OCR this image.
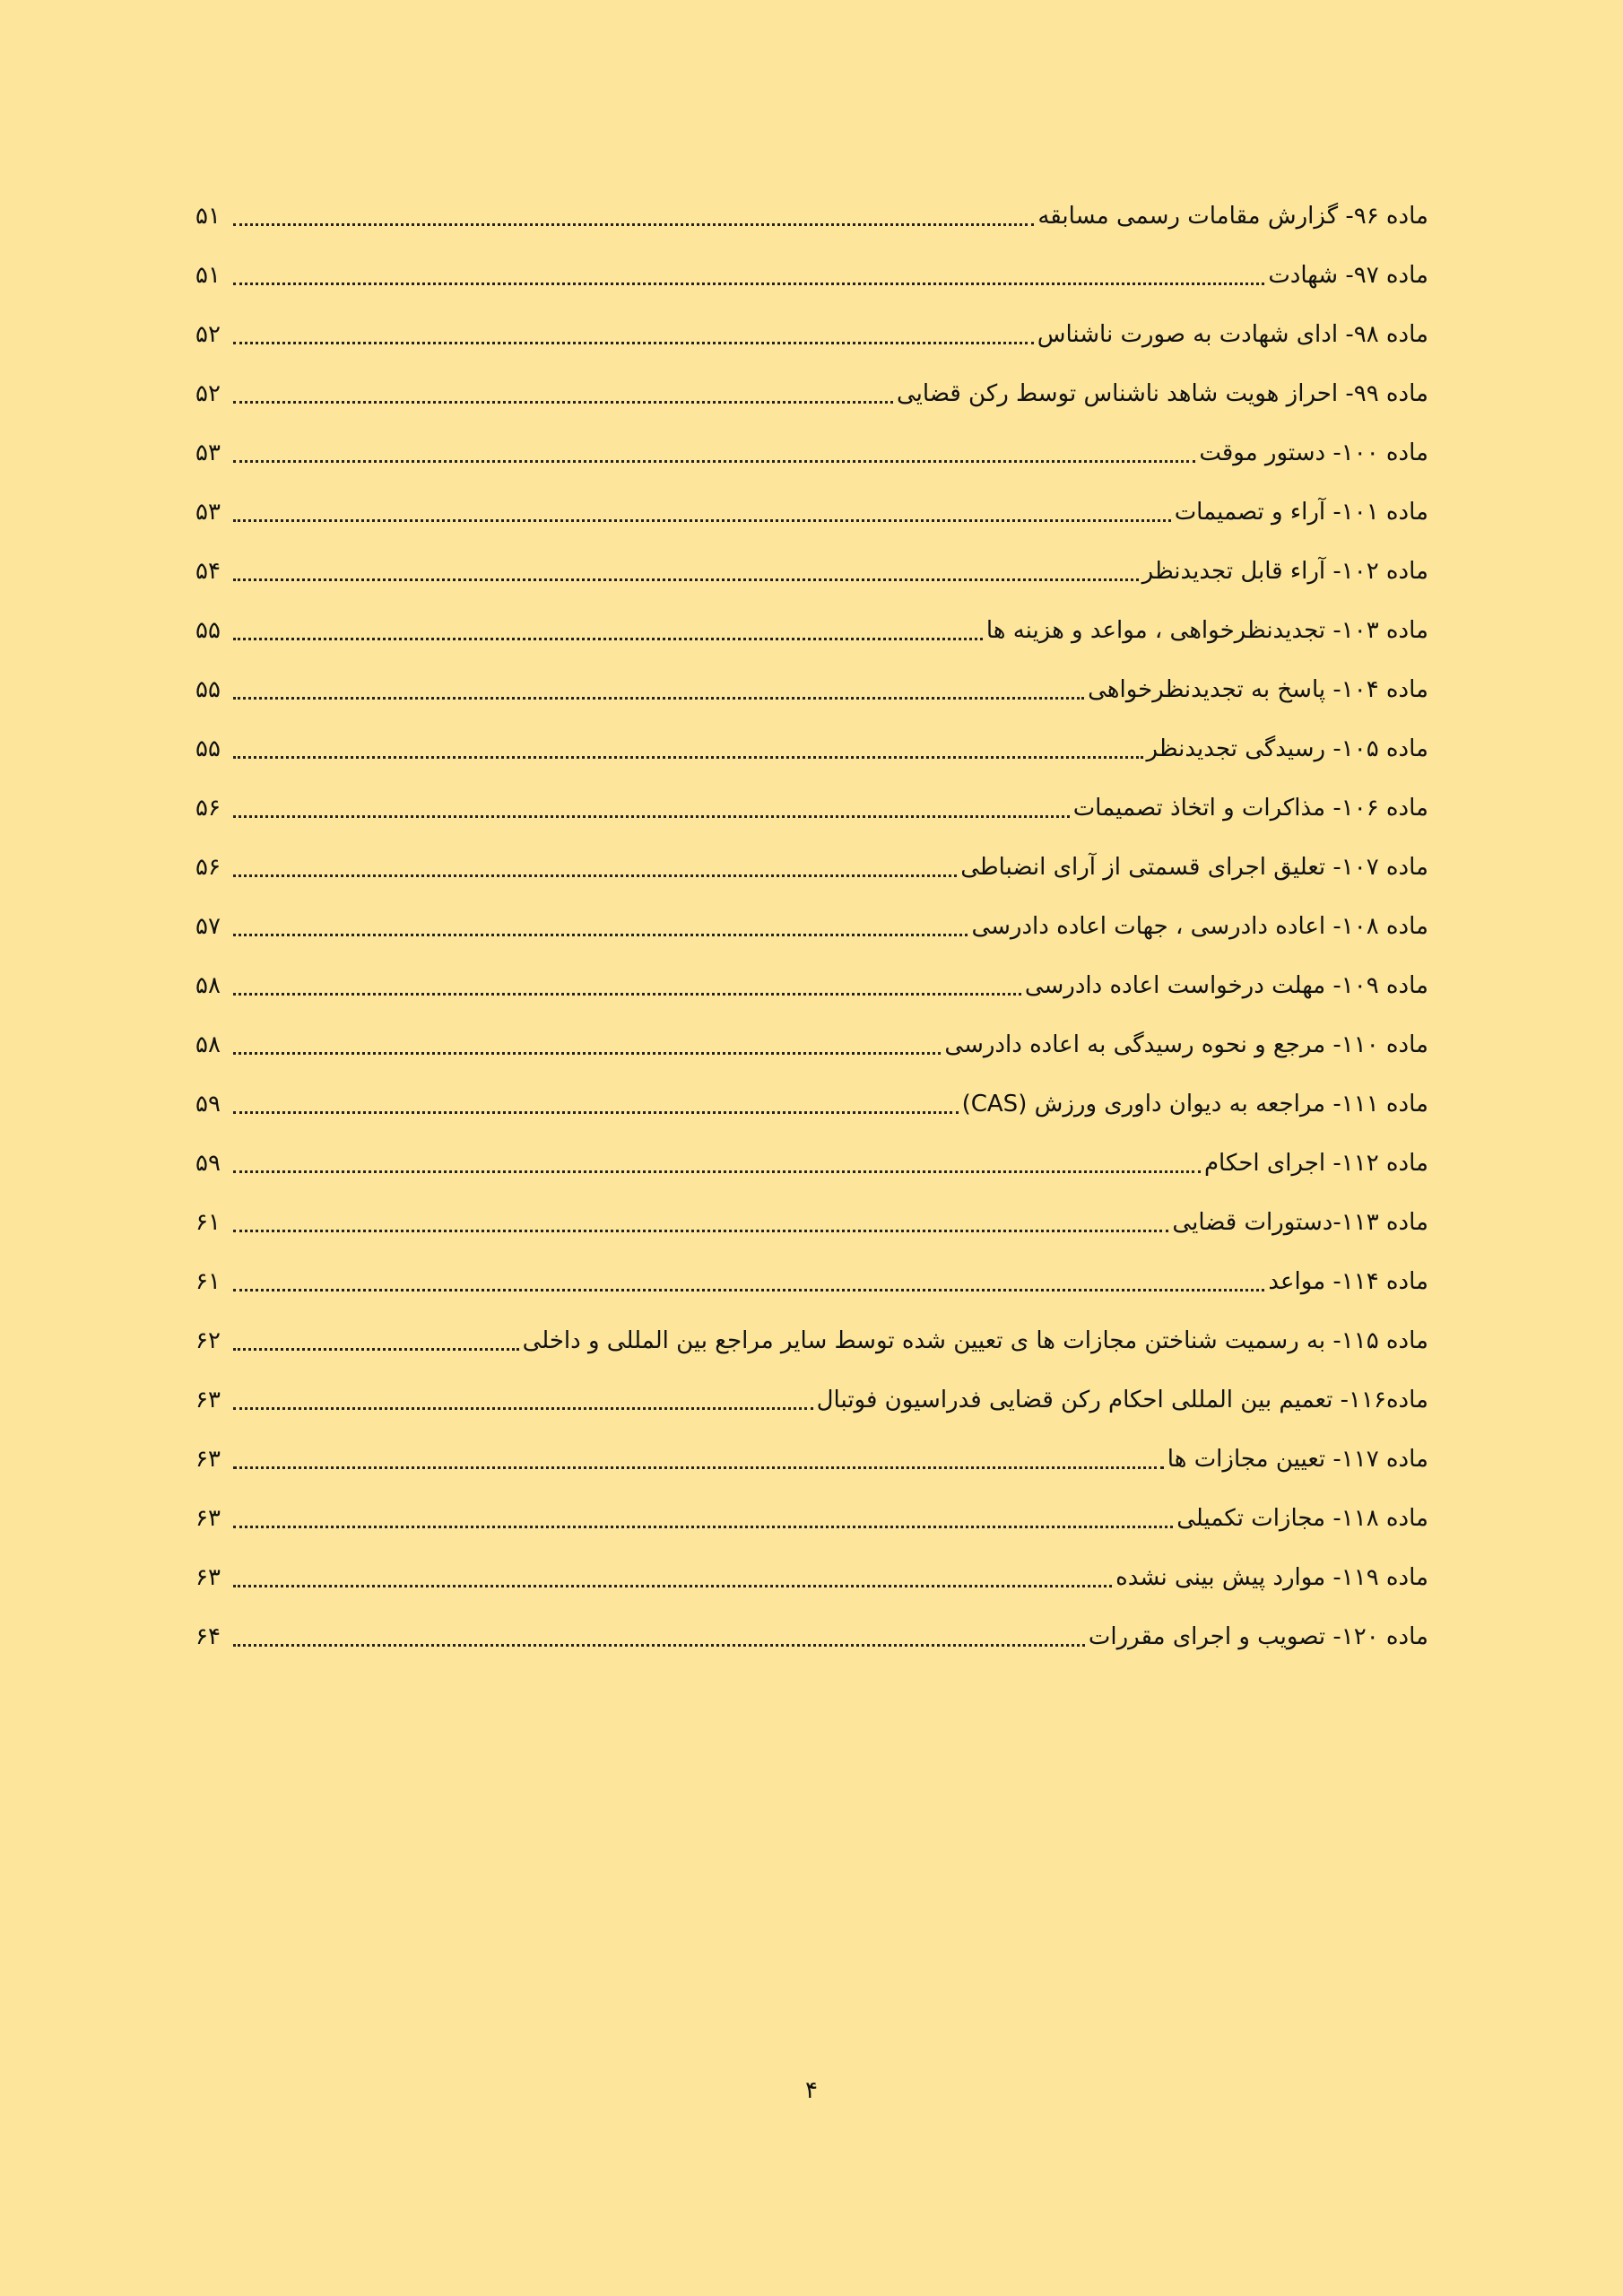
ماده ۹۶- گزارش مقامات رسمی مسابقه
۵۱
ماده ۹۷- شهادت
۵۱
ماده ۹۸- ادای شهادت به صورت ناشناس
۵۲
ماده ۹۹- احراز هویت شاهد ناشناس توسط رکن قضایی
۵۲
ماده ۱۰۰- دستور موقت
۵۳
ماده ۱۰۱- آراء و تصمیمات
۵۳
ماده ۱۰۲- آراء قابل تجدیدنظر
۵۴
ماده ۱۰۳- تجدیدنظرخواهی ، مواعد و هزینه ها
۵۵
ماده ۱۰۴- پاسخ به تجدیدنظرخواهی
۵۵
ماده ۱۰۵- رسیدگی تجدیدنظر
۵۵
ماده ۱۰۶- مذاکرات و اتخاذ تصمیمات
۵۶
ماده ۱۰۷- تعلیق اجرای قسمتی از آرای انضباطی
۵۶
ماده ۱۰۸- اعاده دادرسی ، جهات اعاده دادرسی
۵۷
ماده ۱۰۹- مهلت درخواست اعاده دادرسی
۵۸
ماده ۱۱۰- مرجع و نحوه رسیدگی به اعاده دادرسی
۵۸
ماده ۱۱۱- مراجعه به دیوان داوری ورزش (CAS)
۵۹
ماده ۱۱۲- اجرای احکام
۵۹
ماده ۱۱۳-دستورات قضایی
۶۱
ماده ۱۱۴- مواعد
۶۱
ماده ۱۱۵- به رسمیت شناختن مجازات ها ی تعیین شده توسط سایر مراجع بین المللی و داخلی
۶۲
ماده۱۱۶- تعمیم بین المللی احکام رکن قضایی فدراسیون فوتبال
۶۳
ماده ۱۱۷- تعیین مجازات ها
۶۳
ماده ۱۱۸- مجازات تکمیلی
۶۳
ماده ۱۱۹- موارد پیش بینی نشده
۶۳
ماده ۱۲۰- تصویب و اجرای مقررات
۶۴
۴
